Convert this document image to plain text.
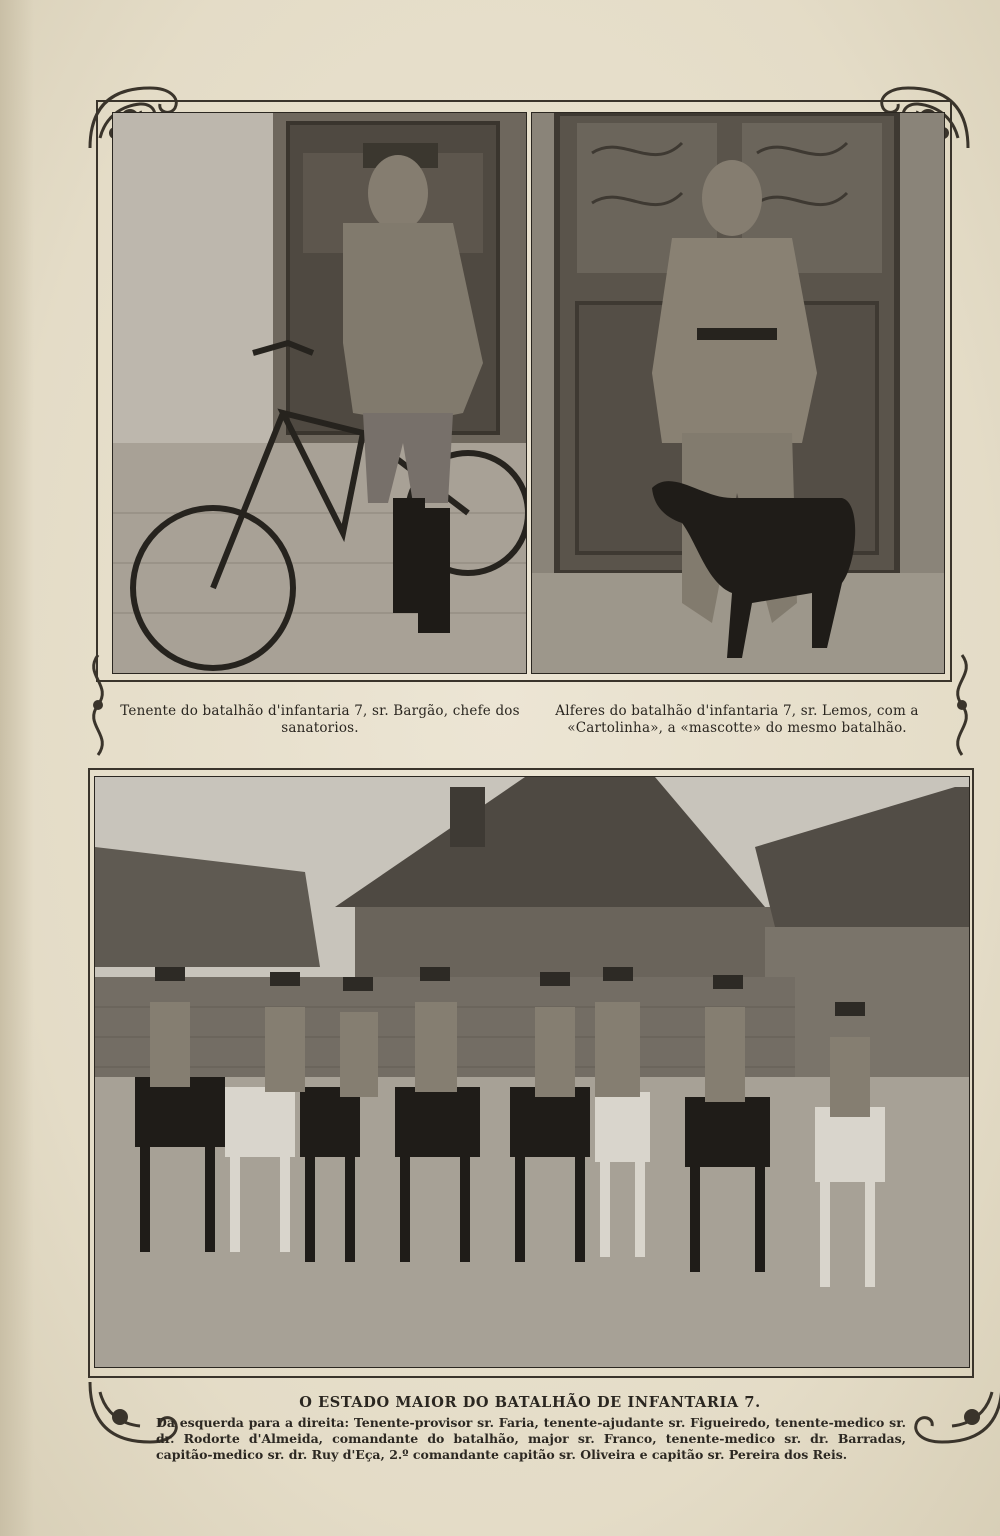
Tenente do batalhão d'infantaria 7, sr. Bargão, chefe dos sanatorios.
Alferes do batalhão d'infantaria 7, sr. Lemos, com a «Cartolinha», a «mascotte» do mesmo batalhão.
O ESTADO MAIOR DO BATALHÃO DE INFANTARIA 7.
Da esquerda para a direita: Tenente-provisor sr. Faria, tenente-ajudante sr. Figueiredo, tenente-medico sr. dr. Rodorte d'Almeida, comandante do batalhão, major sr. Franco, tenente-medico sr. dr. Barradas, capitão-medico sr. dr. Ruy d'Eça, 2.º comandante capitão sr. Oliveira e capitão sr. Pereira dos Reis.
